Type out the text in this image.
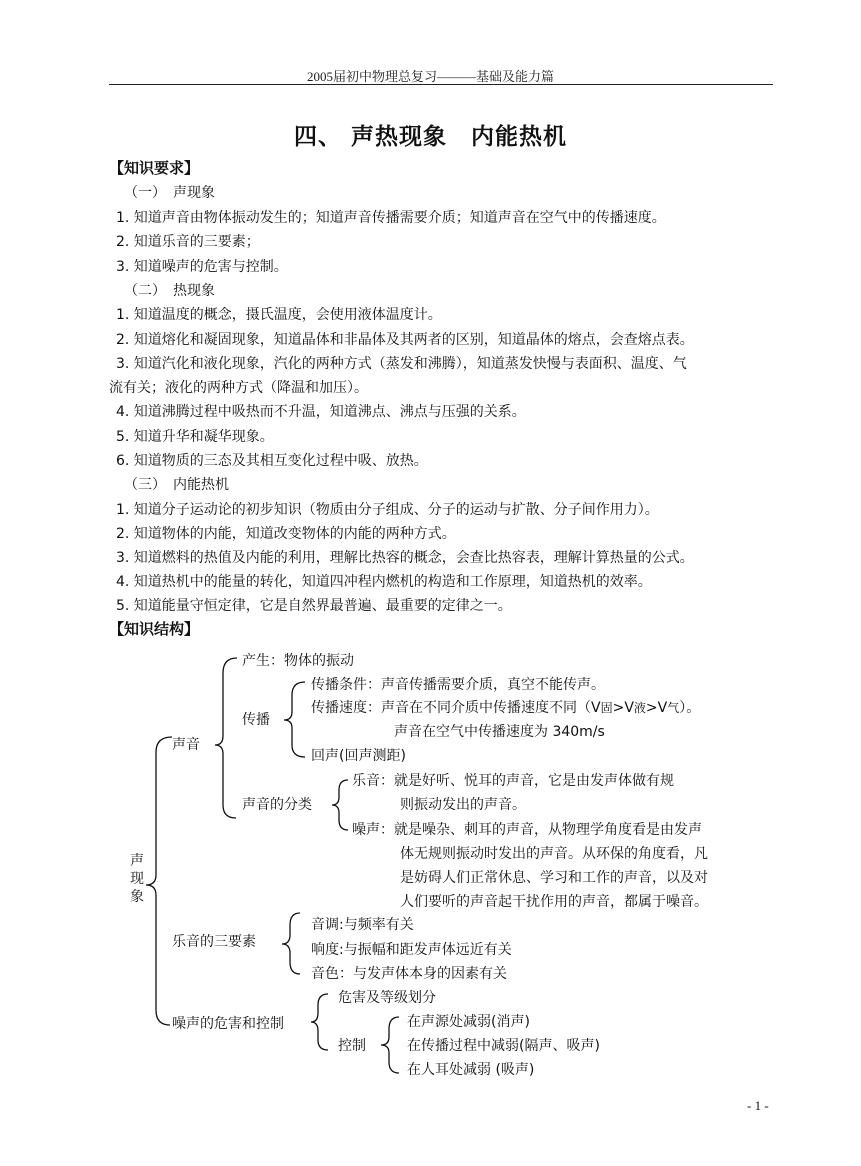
2005届初中物理总复习———基础及能力篇
四、 声热现象　内能热机
【知识要求】
（一）　声现象
1. 知道声音由物体振动发生的；知道声音传播需要介质；知道声音在空气中的传播速度。
2. 知道乐音的三要素；
3. 知道噪声的危害与控制。
（二）　热现象
1. 知道温度的概念，摄氏温度，会使用液体温度计。
2. 知道熔化和凝固现象，知道晶体和非晶体及其两者的区别，知道晶体的熔点，会查熔点表。
3. 知道汽化和液化现象，汽化的两种方式（蒸发和沸腾），知道蒸发快慢与表面积、温度、气
流有关；液化的两种方式（降温和加压）。
4. 知道沸腾过程中吸热而不升温，知道沸点、沸点与压强的关系。
5. 知道升华和凝华现象。
6. 知道物质的三态及其相互变化过程中吸、放热。
（三）　内能热机
1. 知道分子运动论的初步知识（物质由分子组成、分子的运动与扩散、分子间作用力）。
2. 知道物体的内能，知道改变物体的内能的两种方式。
3. 知道燃料的热值及内能的利用，理解比热容的概念，会查比热容表，理解计算热量的公式。
4. 知道热机中的能量的转化，知道四冲程内燃机的构造和工作原理，知道热机的效率。
5. 知道能量守恒定律，它是自然界最普遍、最重要的定律之一。
【知识结构】
声
现
象
声音
产生：物体的振动
传播
传播条件：声音传播需要介质，真空不能传声。
传播速度：声音在不同介质中传播速度不同（V固>V液>V气）。
声音在空气中传播速度为 340m/s
回声(回声测距)
声音的分类
乐音：就是好听、悦耳的声音，它是由发声体做有规
则振动发出的声音。
噪声：就是噪杂、刺耳的声音，从物理学角度看是由发声
体无规则振动时发出的声音。从环保的角度看，凡
是妨碍人们正常休息、学习和工作的声音，以及对
人们要听的声音起干扰作用的声音，都属于噪音。
乐音的三要素
音调:与频率有关
响度:与振幅和距发声体远近有关
音色：与发声体本身的因素有关
噪声的危害和控制
危害及等级划分
控制
在声源处减弱(消声)
在传播过程中减弱(隔声、吸声)
在人耳处减弱 (吸声)
- 1 -
